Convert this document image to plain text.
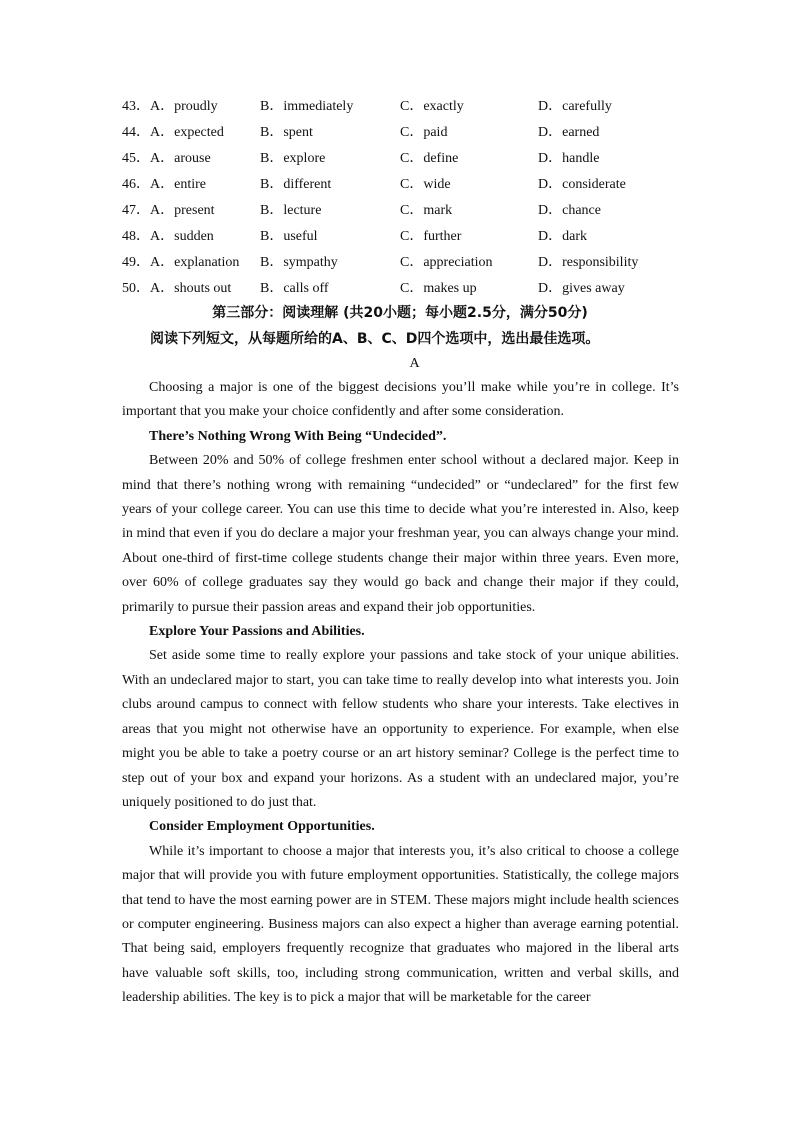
43．A．proudly	B．immediately	C．exactly	D．carefully
44．A．expected	B．spent	C．paid	D．earned
45．A．arouse	B．explore	C．define	D．handle
46．A．entire	B．different	C．wide	D．considerate
47．A．present	B．lecture	C．mark	D．chance
48．A．sudden	B．useful	C．further	D．dark
49．A．explanation B．sympathy	C．appreciation	D．responsibility
50．A．shouts out B．calls off	C．makes up	D．gives away
第三部分：阅读理解 (共20小题；每小题2.5分，满分50分)
阅读下列短文，从每题所给的A、B、C、D四个选项中，选出最佳选项。
A

Choosing a major is one of the biggest decisions you’ll make while you’re in college. It’s important that you make your choice confidently and after some consideration.

There’s Nothing Wrong With Being “Undecided”.

Between 20% and 50% of college freshmen enter school without a declared major. Keep in mind that there’s nothing wrong with remaining “undecided” or “undeclared” for the first few years of your college career. You can use this time to decide what you’re interested in. Also, keep in mind that even if you do declare a major your freshman year, you can always change your mind. About one-third of first-time college students change their major within three years. Even more, over 60% of college graduates say they would go back and change their major if they could, primarily to pursue their passion areas and expand their job opportunities.

Explore Your Passions and Abilities.

Set aside some time to really explore your passions and take stock of your unique abilities. With an undeclared major to start, you can take time to really develop into what interests you. Join clubs around campus to connect with fellow students who share your interests. Take electives in areas that you might not otherwise have an opportunity to experience. For example, when else might you be able to take a poetry course or an art history seminar? College is the perfect time to step out of your box and expand your horizons. As a student with an undeclared major, you’re uniquely positioned to do just that.

Consider Employment Opportunities.

While it’s important to choose a major that interests you, it’s also critical to choose a college major that will provide you with future employment opportunities. Statistically, the college majors that tend to have the most earning power are in STEM. These majors might include health sciences or computer engineering. Business majors can also expect a higher than average earning potential. That being said, employers frequently recognize that graduates who majored in the liberal arts have valuable soft skills, too, including strong communication, written and verbal skills, and leadership abilities. The key is to pick a major that will be marketable for the career
